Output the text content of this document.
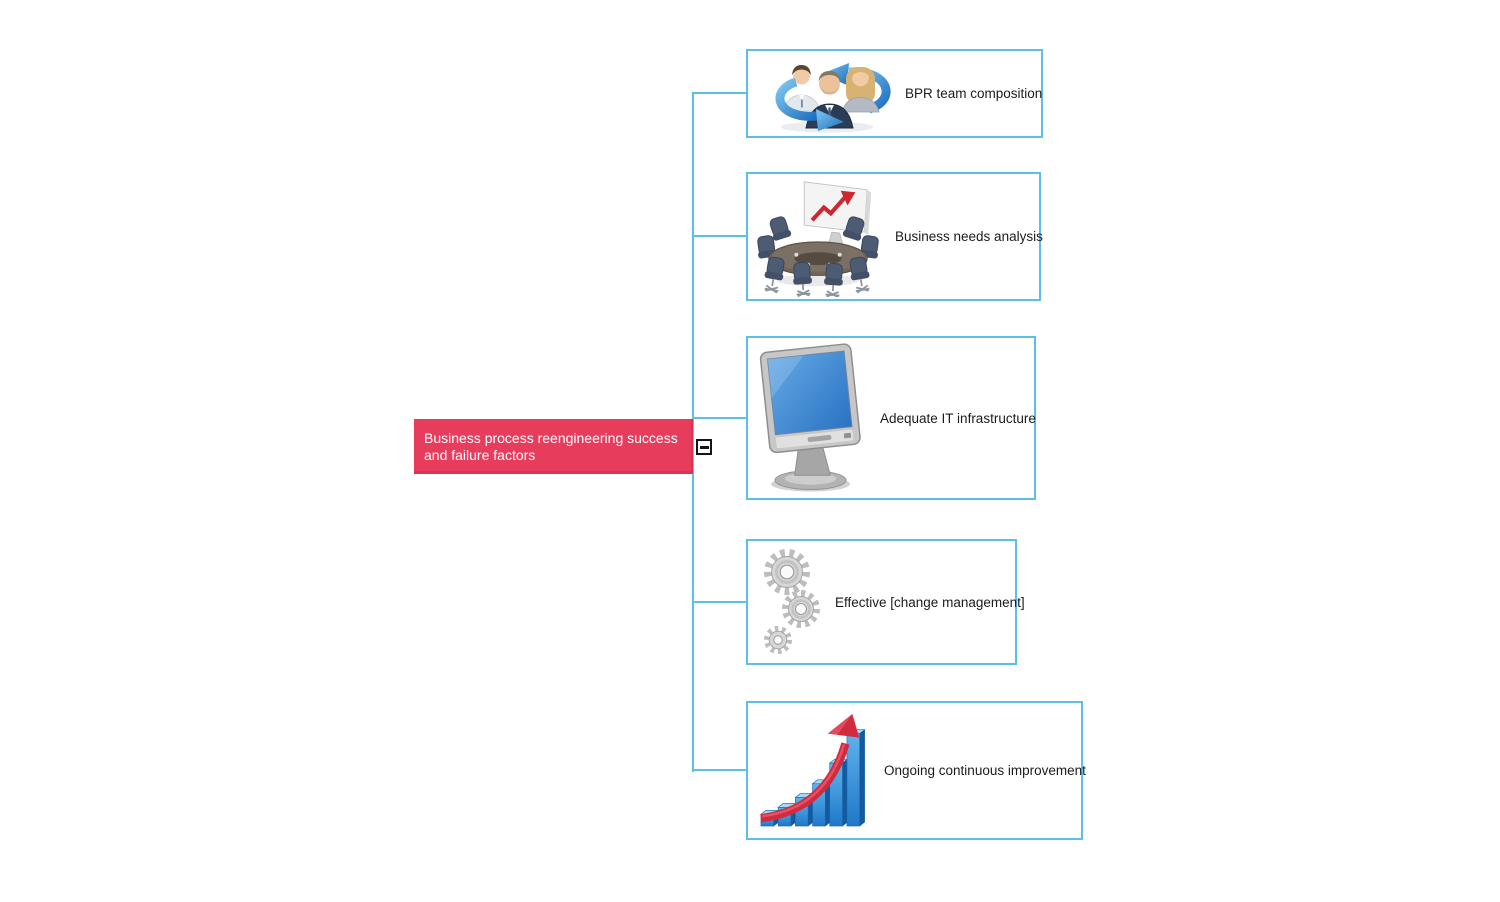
Business process reengineering success and failure factors
BPR team composition
Business needs analysis
Adequate IT infrastructure
Effective [change management]
Ongoing continuous improvement
